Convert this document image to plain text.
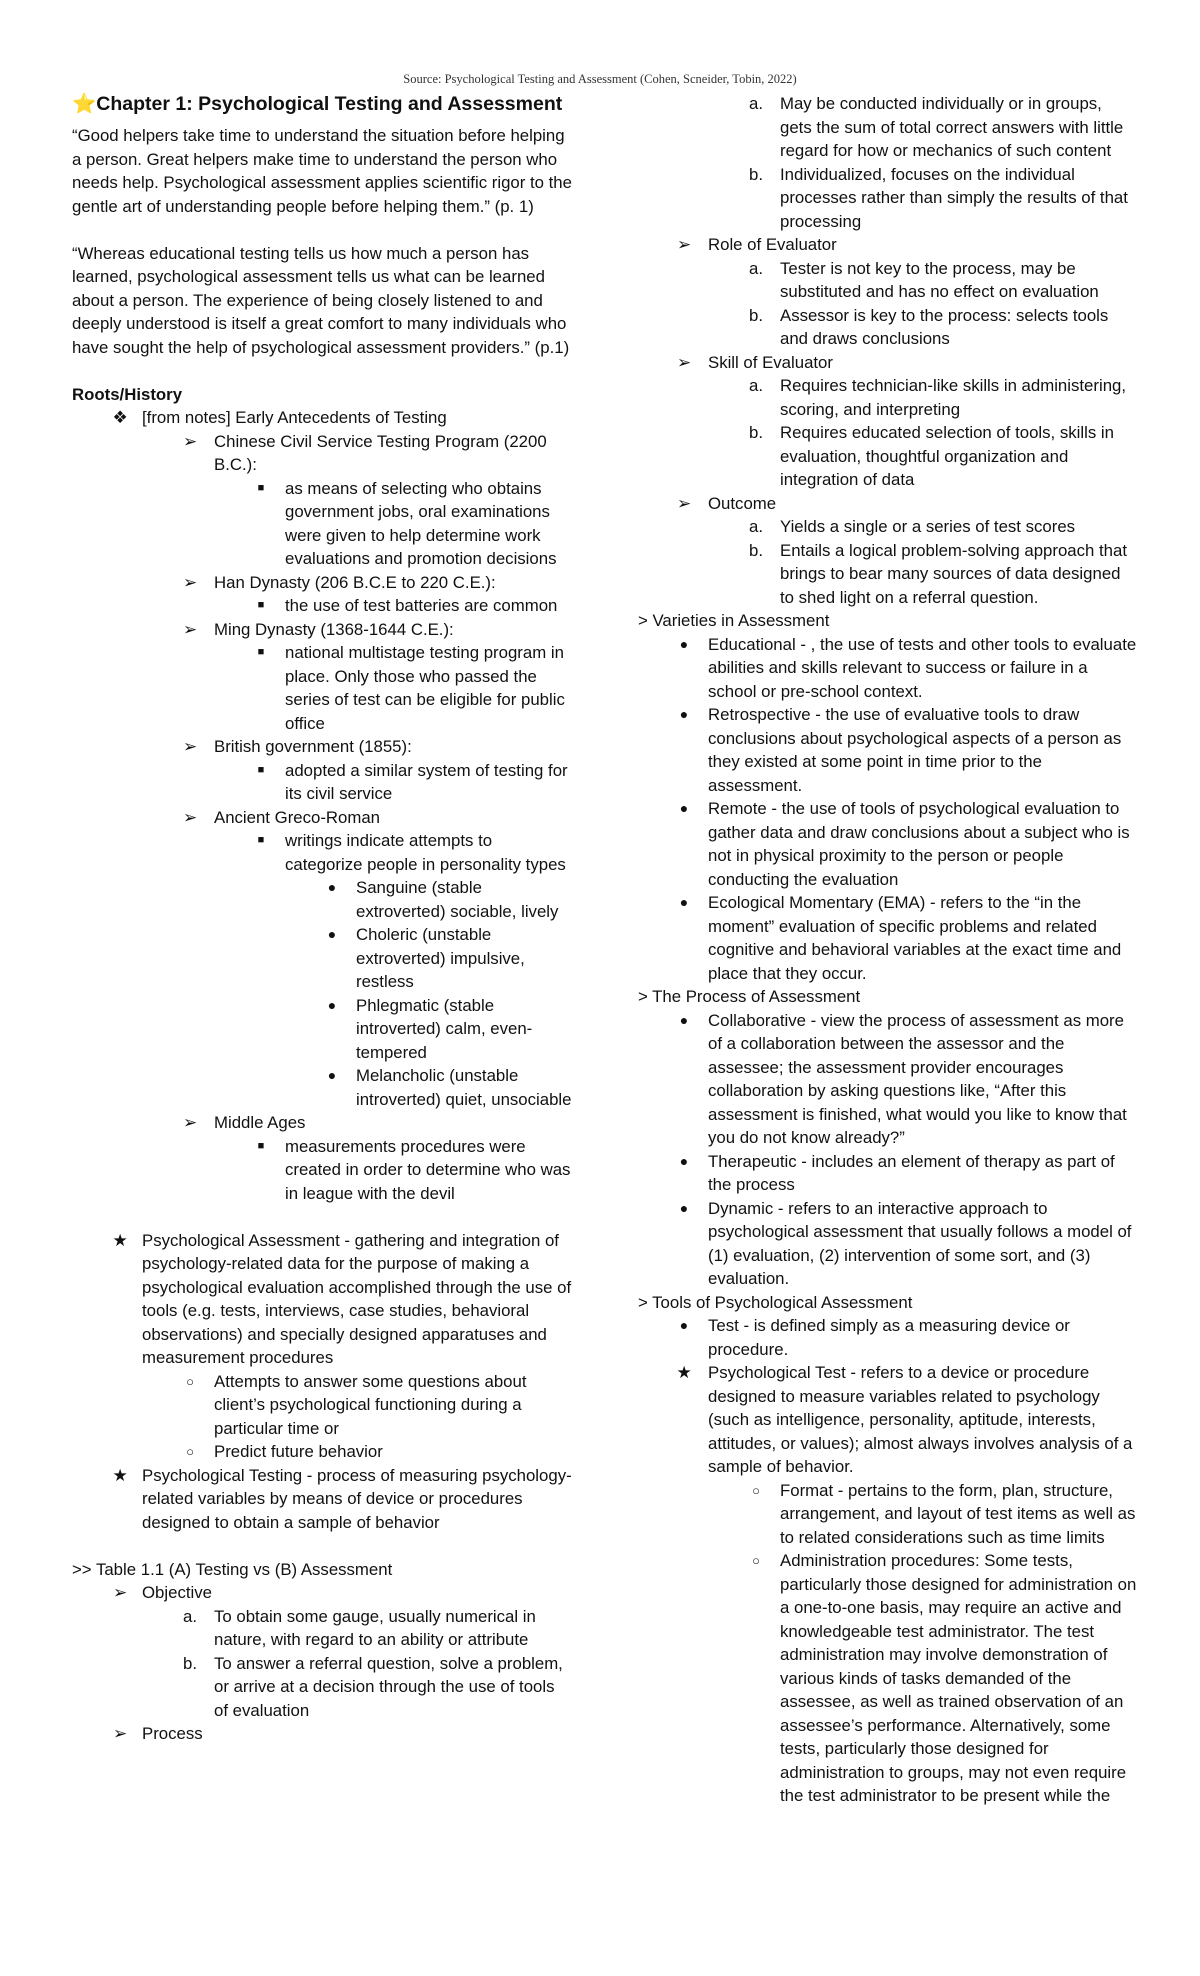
Source: Psychological Testing and Assessment (Cohen, Scneider, Tobin, 2022)
⭐Chapter 1: Psychological Testing and Assessment

“Good helpers take time to understand the situation before helping a person. Great helpers make time to understand the person who needs help. Psychological assessment applies scientific rigor to the gentle art of understanding people before helping them.” (p. 1)

“Whereas educational testing tells us how much a person has learned, psychological assessment tells us what can be learned about a person. The experience of being closely listened to and deeply understood is itself a great comfort to many individuals who have sought the help of psychological assessment providers.” (p.1)

Roots/History

❖ [from notes] Early Antecedents of Testing
➢ Chinese Civil Service Testing Program (2200 B.C.):
■	as means of selecting who obtains government jobs, oral examinations were given to help determine work evaluations and promotion decisions
➢ Han Dynasty (206 B.C.E to 220 C.E.):
■	the use of test batteries are common
➢ Ming Dynasty (1368-1644 C.E.):
■	national multistage testing program in place. Only those who passed the series of test can be eligible for public office
➢ British government (1855):
■	adopted a similar system of testing for its civil service
➢ Ancient Greco-Roman
■	writings indicate attempts to categorize people in personality types
●	Sanguine (stable extroverted) sociable, lively
●	Choleric (unstable extroverted) impulsive, restless
●	Phlegmatic (stable introverted) calm, even-tempered
●	Melancholic (unstable introverted) quiet, unsociable
➢ Middle Ages
■	measurements procedures were created in order to determine who was in league with the devil
★ Psychological Assessment - gathering and integration of psychology-related data for the purpose of making a psychological evaluation accomplished through the use of tools (e.g. tests, interviews, case studies, behavioral observations) and specially designed apparatuses and measurement procedures
○	Attempts to answer some questions about client’s psychological functioning during a particular time or
○	Predict future behavior
★ Psychological Testing - process of measuring psychology-related variables by means of device or procedures designed to obtain a sample of behavior

>> Table 1.1 (A) Testing vs (B) Assessment

➢ Objective
a. To obtain some gauge, usually numerical in nature, with regard to an ability or attribute
b. To answer a referral question, solve a problem, or arrive at a decision through the use of tools of evaluation
➢ Process
a. May be conducted individually or in groups, gets the sum of total correct answers with little regard for how or mechanics of such content
b. Individualized, focuses on the individual processes rather than simply the results of that processing
➢ Role of Evaluator
a. Tester is not key to the process, may be substituted and has no effect on evaluation
b. Assessor is key to the process: selects tools and draws conclusions
➢ Skill of Evaluator
a. Requires technician-like skills in administering, scoring, and interpreting
b. Requires educated selection of tools, skills in evaluation, thoughtful organization and integration of data
➢ Outcome
a. Yields a single or a series of test scores
b. Entails a logical problem-solving approach that brings to bear many sources of data designed to shed light on a referral question.

> Varieties in Assessment

●	Educational - , the use of tests and other tools to evaluate abilities and skills relevant to success or failure in a school or pre-school context.
●	Retrospective - the use of evaluative tools to draw conclusions about psychological aspects of a person as they existed at some point in time prior to the assessment.
●	Remote - the use of tools of psychological evaluation to gather data and draw conclusions about a subject who is not in physical proximity to the person or people conducting the evaluation
●	Ecological Momentary (EMA) - refers to the “in the moment” evaluation of specific problems and related cognitive and behavioral variables at the exact time and place that they occur.

> The Process of Assessment

●	Collaborative - view the process of assessment as more of a collaboration between the assessor and the assessee; the assessment provider encourages collaboration by asking questions like, “After this assessment is finished, what would you like to know that you do not know already?”
●	Therapeutic - includes an element of therapy as part of the process
●	Dynamic - refers to an interactive approach to psychological assessment that usually follows a model of (1) evaluation, (2) intervention of some sort, and (3) evaluation.

> Tools of Psychological Assessment

●	Test - is defined simply as a measuring device or procedure.
★ Psychological Test - refers to a device or procedure designed to measure variables related to psychology (such as intelligence, personality, aptitude, interests, attitudes, or values); almost always involves analysis of a sample of behavior.
○	Format - pertains to the form, plan, structure, arrangement, and layout of test items as well as to related considerations such as time limits
○	Administration procedures: Some tests, particularly those designed for administration on a one-to-one basis, may require an active and knowledgeable test administrator. The test administration may involve demonstration of various kinds of tasks demanded of the assessee, as well as trained observation of an assessee’s performance. Alternatively, some tests, particularly those designed for administration to groups, may not even require the test administrator to be present while the
